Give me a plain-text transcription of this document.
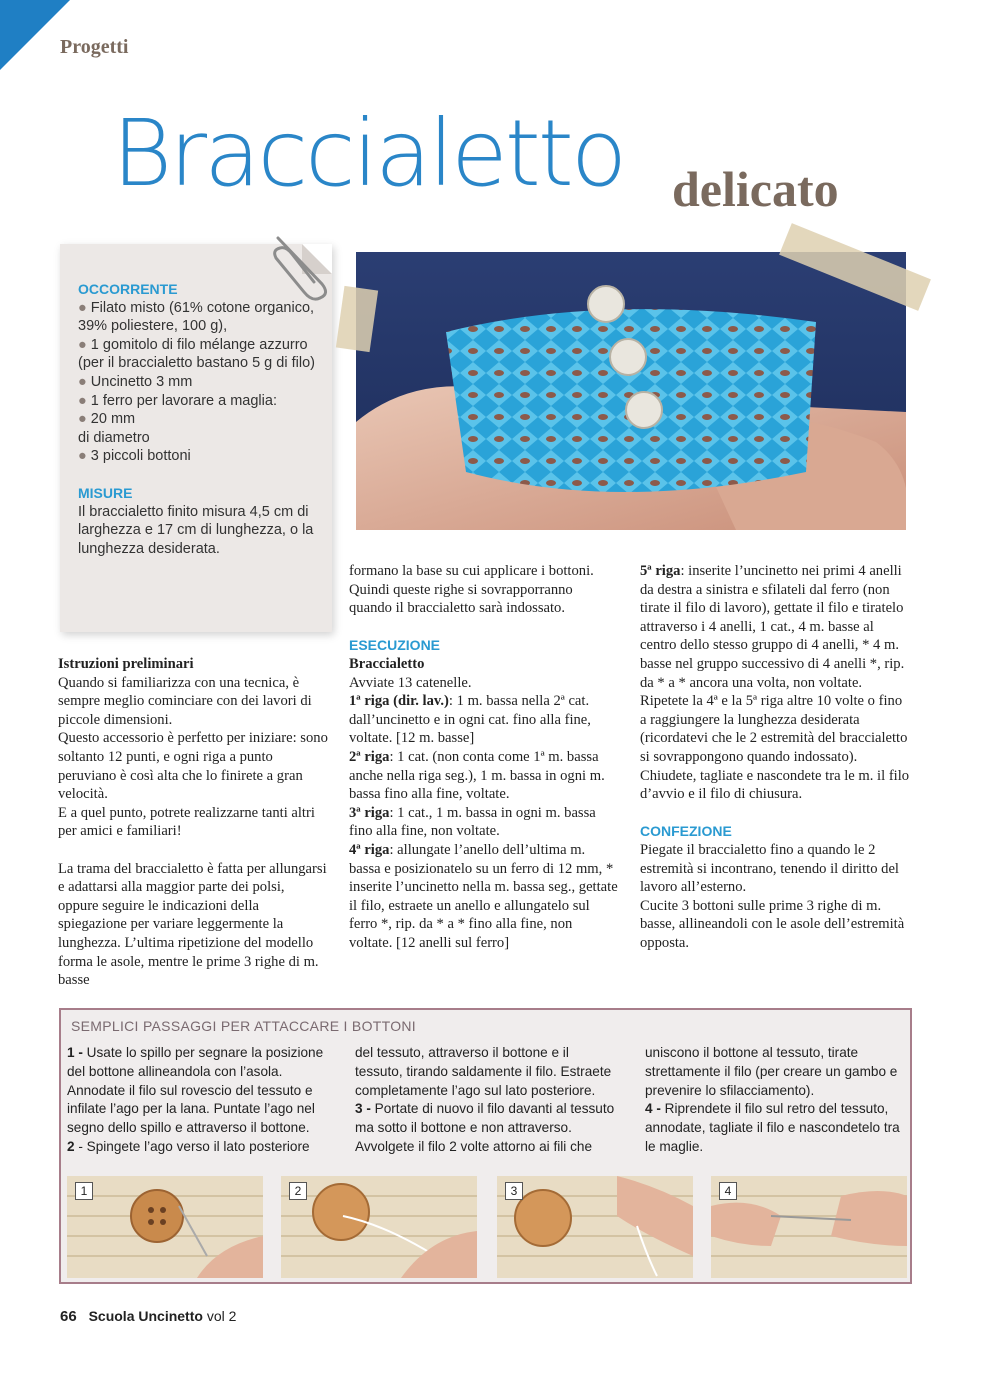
Progetti
Braccialetto delicato
OCCORRENTE
● Filato misto (61% cotone organico, 39% poliestere, 100 g),
● 1 gomitolo di filo mélange azzurro (per il braccialetto bastano 5 g di filo)
● Uncinetto 3 mm
● 1 ferro per lavorare a maglia:
● 20 mm
di diametro
● 3 piccoli bottoni
MISURE
Il braccialetto finito misura 4,5 cm di larghezza e 17 cm di lunghezza, o la lunghezza desiderata.

Istruzioni preliminari

Quando si familiarizza con una tecnica, è sempre meglio cominciare con dei lavori di piccole dimensioni.

Questo accessorio è perfetto per iniziare: sono soltanto 12 punti, e ogni riga a punto peruviano è così alta che lo finirete a gran velocità.

E a quel punto, potrete realizzarne tanti altri per amici e familiari!

La trama del braccialetto è fatta per allungarsi e adattarsi alla maggior parte dei polsi, oppure seguire le indicazioni della spiegazione per variare leggermente la lunghezza. L’ultima ripetizione del modello forma le asole, mentre le prime 3 righe di m. basse

formano la base su cui applicare i bottoni. Quindi queste righe si sovrapporranno quando il braccialetto sarà indossato.

ESECUZIONE

Braccialetto

Avviate 13 catenelle.

1ª riga (dir. lav.): 1 m. bassa nella 2ª cat. dall’uncinetto e in ogni cat. fino alla fine, voltate. [12 m. basse]

2ª riga: 1 cat. (non conta come 1ª m. bassa anche nella riga seg.), 1 m. bassa in ogni m. bassa fino alla fine, voltate.

3ª riga: 1 cat., 1 m. bassa in ogni m. bassa fino alla fine, non voltate.

4ª riga: allungate l’anello dell’ultima m. bassa e posizionatelo su un ferro di 12 mm, * inserite l’uncinetto nella m. bassa seg., gettate il filo, estraete un anello e allungatelo sul ferro *, rip. da * a * fino alla fine, non voltate. [12 anelli sul ferro]

5ª riga: inserite l’uncinetto nei primi 4 anelli da destra a sinistra e sfilateli dal ferro (non tirate il filo di lavoro), gettate il filo e tiratelo attraverso i 4 anelli, 1 cat., 4 m. basse al centro dello stesso gruppo di 4 anelli, * 4 m. basse nel gruppo successivo di 4 anelli *, rip. da * a * ancora una volta, non voltate.

Ripetete la 4ª e la 5ª riga altre 10 volte o fino a raggiungere la lunghezza desiderata (ricordatevi che le 2 estremità del braccialetto si sovrappongono quando indossato).

Chiudete, tagliate e nascondete tra le m. il filo d’avvio e il filo di chiusura.

CONFEZIONE

Piegate il braccialetto fino a quando le 2 estremità si incontrano, tenendo il diritto del lavoro all’esterno.

Cucite 3 bottoni sulle prime 3 righe di m. basse, allineandoli con le asole dell’estremità opposta.

SEMPLICI PASSAGGI PER ATTACCARE I BOTTONI

1 - Usate lo spillo per segnare la posizione del bottone allineandola con l’asola. Annodate il filo sul rovescio del tessuto e infilate l’ago per la lana. Puntate l’ago nel segno dello spillo e attraverso il bottone.

2 - Spingete l’ago verso il lato posteriore

del tessuto, attraverso il bottone e il tessuto, tirando saldamente il filo. Estraete completamente l’ago sul lato posteriore.

3 - Portate di nuovo il filo davanti al tessuto ma sotto il bottone e non attraverso. Avvolgete il filo 2 volte attorno ai fili che

uniscono il bottone al tessuto, tirate strettamente il filo (per creare un gambo e prevenire lo sfilacciamento).

4 - Riprendete il filo sul retro del tessuto, annodate, tagliate il filo e nascondetelo tra le maglie.

1	2	3	4
66 Scuola Uncinetto vol 2
